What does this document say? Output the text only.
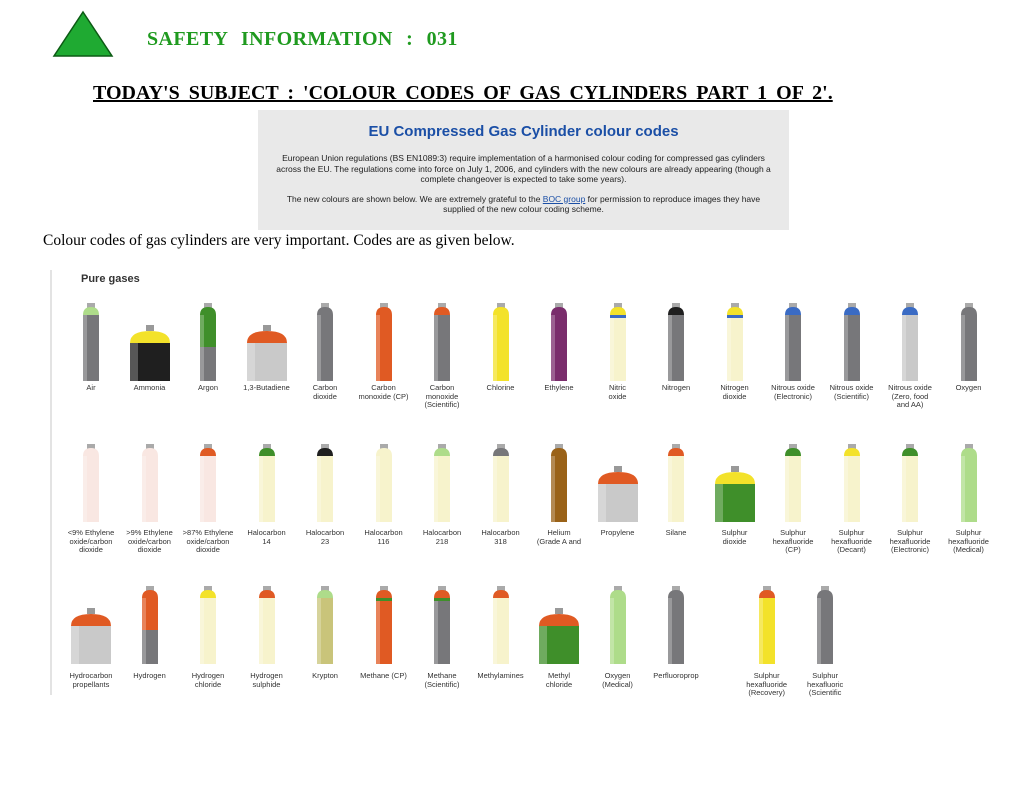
SAFETY INFORMATION : 031
TODAY'S SUBJECT : 'COLOUR CODES OF GAS CYLINDERS PART 1 OF 2'.
EU Compressed Gas Cylinder colour codes
European Union regulations (BS EN1089:3) require implementation of a harmonised colour coding for compressed gas cylinders across the EU. The regulations come into force on July 1, 2006, and cylinders with the new colours are already appearing (though a complete changeover is expected to take some years).
The new colours are shown below. We are extremely grateful to the BOC group for permission to reproduce images they have supplied of the new colour coding scheme.
Colour codes of gas cylinders are very important. Codes are as given below.
Pure gases
Air	Ammonia	Argon	1,3-Butadiene	Carbon
dioxide
Carbon
monoxide (CP)
Carbon
monoxide
(Scientific)
Chlorine	Ethylene	Nitric
oxide
Nitrogen	Nitrogen
dioxide
Nitrous oxide
(Electronic)
Nitrous oxide
(Scientific)
Nitrous oxide
(Zero, food
and AA)
Oxygen
<9% Ethylene
oxide/carbon
dioxide
>9% Ethylene
oxide/carbon
dioxide
>87% Ethylene
oxide/carbon
dioxide
Halocarbon
14
Halocarbon
23
Halocarbon
116
Halocarbon
218
Halocarbon
318
Helium
(Grade A and
Propylene	Silane	Sulphur
dioxide
Sulphur
hexafluoride
(CP)
Sulphur
hexafluoride
(Decant)
Sulphur
hexafluoride
(Electronic)
Sulphur
hexafluoride
(Medical)
Hydrocarbon
propellants
Hydrogen	Hydrogen
chloride
Hydrogen
sulphide
Krypton	Methane (CP)	Methane
(Scientific)
Methylamines	Methyl
chloride
Oxygen
(Medical)
Perfluoroprop	Sulphur
hexafluoride
(Recovery)
Sulphur
hexafluoric
(Scientific
